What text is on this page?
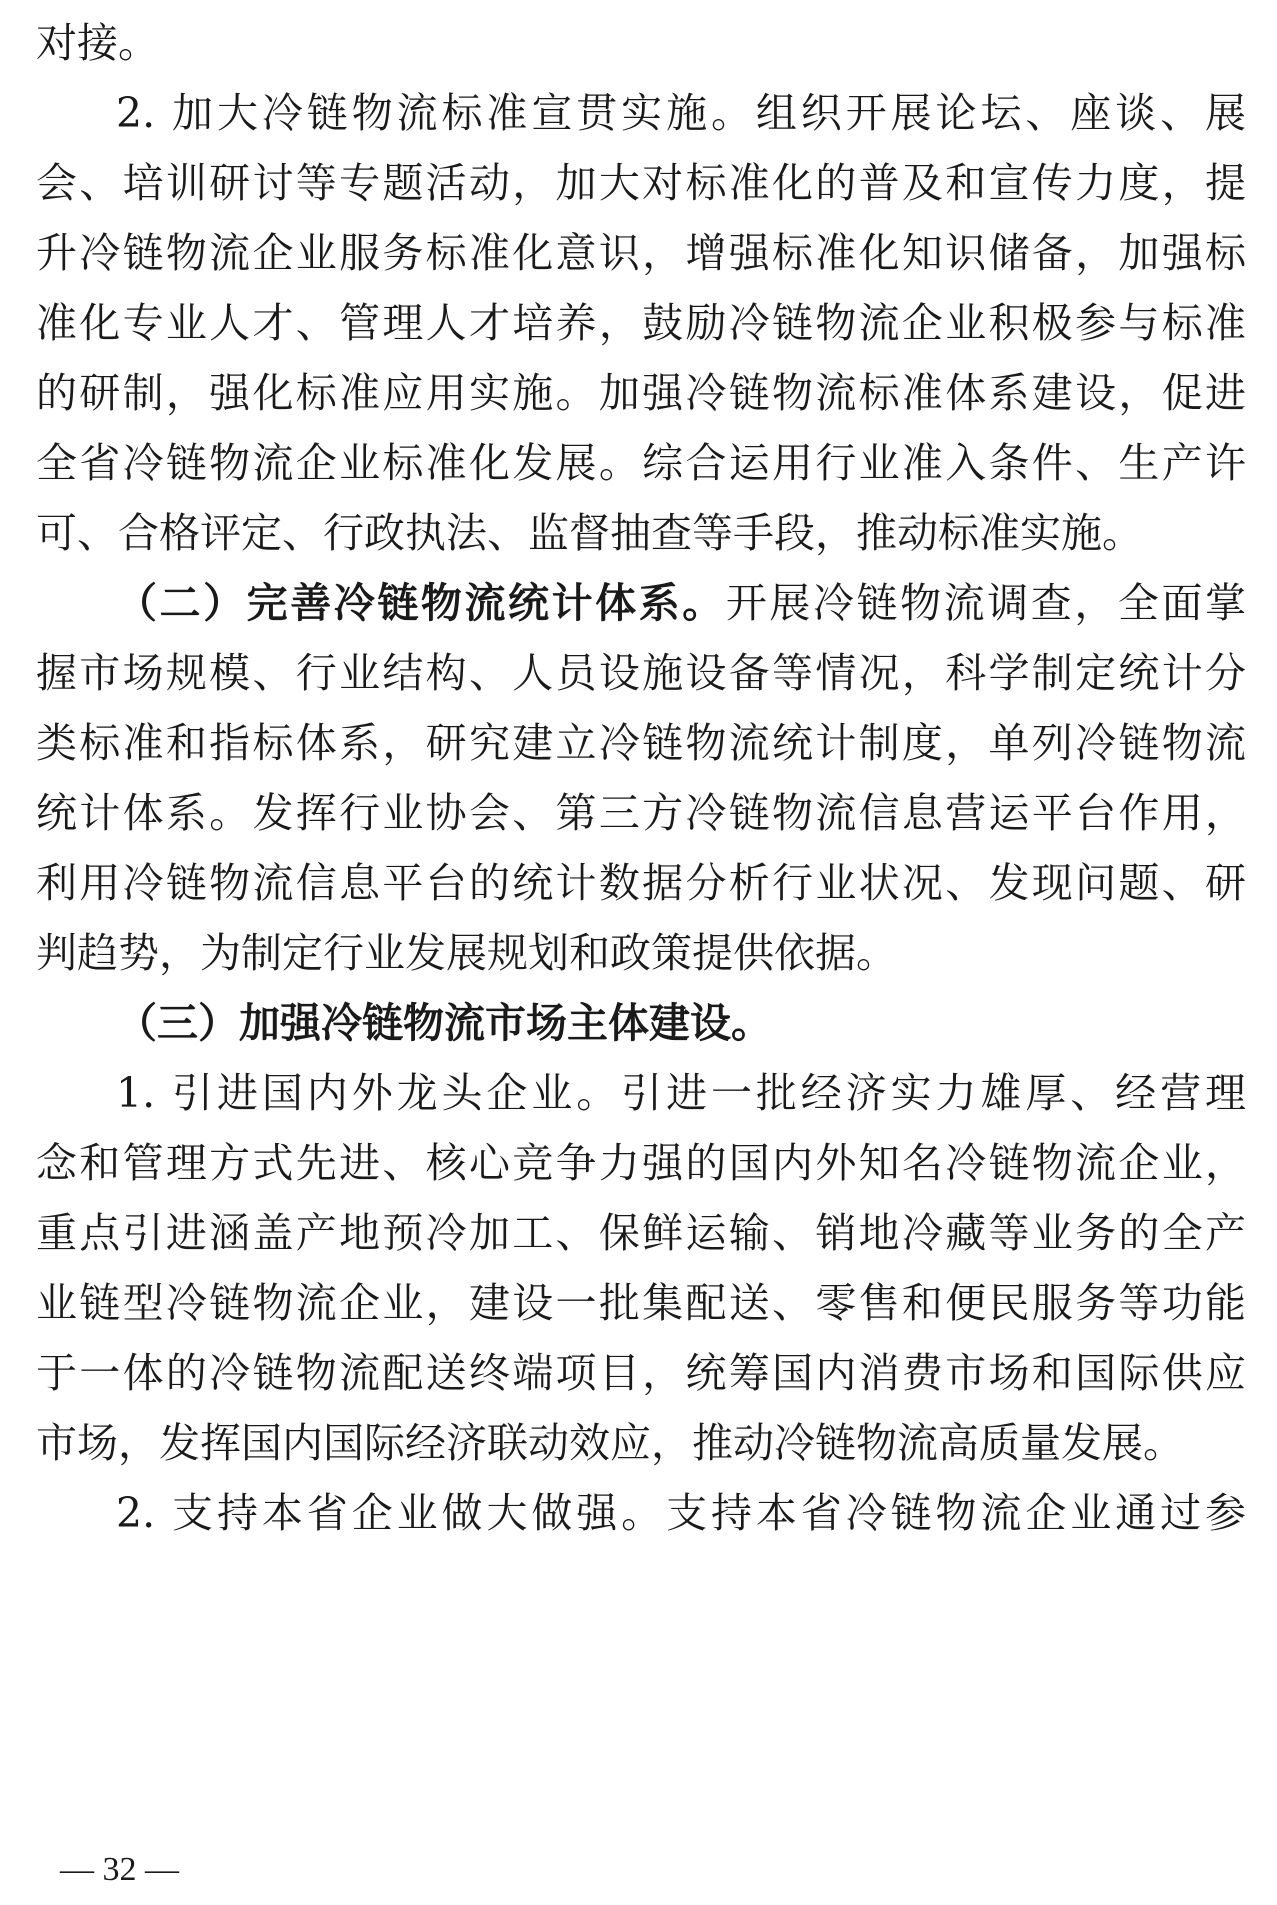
对接。
2. 加大冷链物流标准宣贯实施。组织开展论坛、座谈、展
会、培训研讨等专题活动，加大对标准化的普及和宣传力度，提
升冷链物流企业服务标准化意识，增强标准化知识储备，加强标
准化专业人才、管理人才培养，鼓励冷链物流企业积极参与标准
的研制，强化标准应用实施。加强冷链物流标准体系建设，促进
全省冷链物流企业标准化发展。综合运用行业准入条件、生产许
可、合格评定、行政执法、监督抽查等手段，推动标准实施。
（二）完善冷链物流统计体系。开展冷链物流调查，全面掌
握市场规模、行业结构、人员设施设备等情况，科学制定统计分
类标准和指标体系，研究建立冷链物流统计制度，单列冷链物流
统计体系。发挥行业协会、第三方冷链物流信息营运平台作用，
利用冷链物流信息平台的统计数据分析行业状况、发现问题、研
判趋势，为制定行业发展规划和政策提供依据。
（三）加强冷链物流市场主体建设。
1. 引进国内外龙头企业。引进一批经济实力雄厚、经营理
念和管理方式先进、核心竞争力强的国内外知名冷链物流企业，
重点引进涵盖产地预冷加工、保鲜运输、销地冷藏等业务的全产
业链型冷链物流企业，建设一批集配送、零售和便民服务等功能
于一体的冷链物流配送终端项目，统筹国内消费市场和国际供应
市场，发挥国内国际经济联动效应，推动冷链物流高质量发展。
2. 支持本省企业做大做强。支持本省冷链物流企业通过参
— 32 —
